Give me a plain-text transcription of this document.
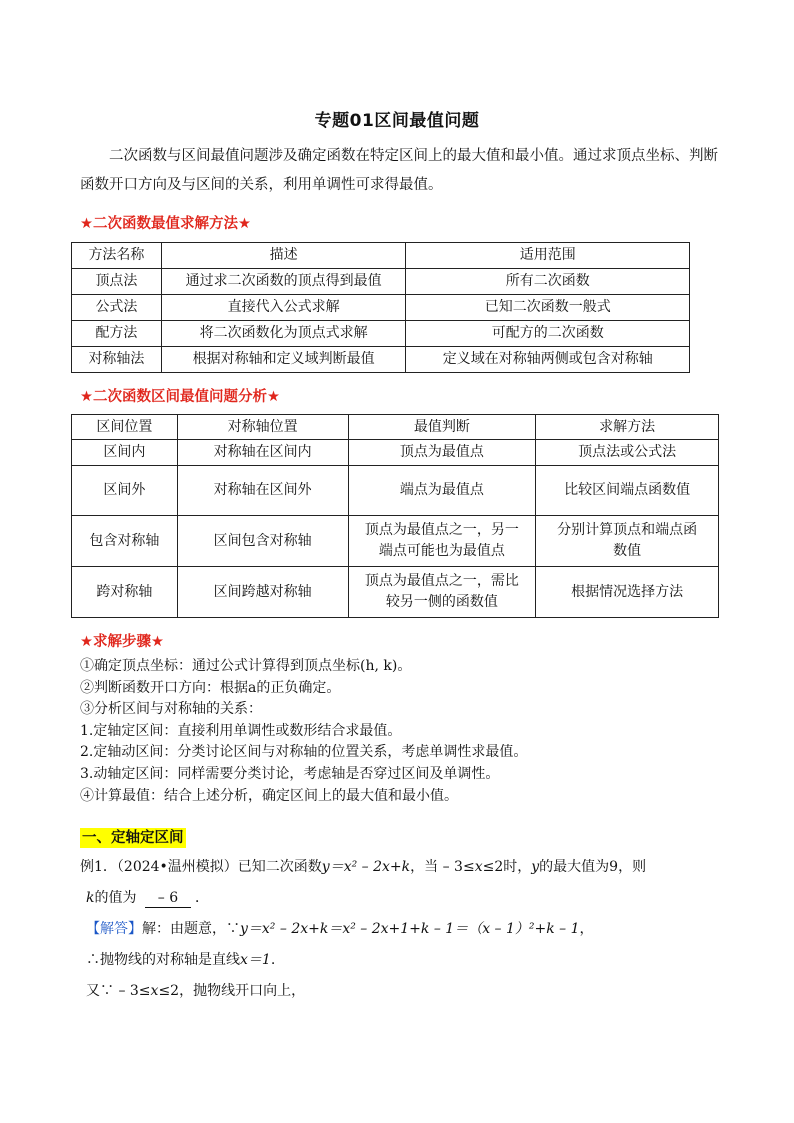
专题01区间最值问题
二次函数与区间最值问题涉及确定函数在特定区间上的最大值和最小值。通过求顶点坐标、判断函数开口方向及与区间的关系，利用单调性可求得最值。
★二次函数最值求解方法★
方法名称	描述	适用范围
顶点法	通过求二次函数的顶点得到最值	所有二次函数
公式法	直接代入公式求解	已知二次函数一般式
配方法	将二次函数化为顶点式求解	可配方的二次函数
对称轴法	根据对称轴和定义域判断最值	定义域在对称轴两侧或包含对称轴
★二次函数区间最值问题分析★
区间位置	对称轴位置	最值判断	求解方法
区间内	对称轴在区间内	顶点为最值点	顶点法或公式法
区间外	对称轴在区间外	端点为最值点	比较区间端点函数值
包含对称轴	区间包含对称轴	顶点为最值点之一，另一端点可能也为最值点	分别计算顶点和端点函数值
跨对称轴	区间跨越对称轴	顶点为最值点之一，需比较另一侧的函数值	根据情况选择方法
★求解步骤★
①确定顶点坐标：通过公式计算得到顶点坐标(h, k)。
②判断函数开口方向：根据a的正负确定。
③分析区间与对称轴的关系：
1.定轴定区间：直接利用单调性或数形结合求最值。
2.定轴动区间：分类讨论区间与对称轴的位置关系，考虑单调性求最值。
3.动轴定区间：同样需要分类讨论，考虑轴是否穿过区间及单调性。
④计算最值：结合上述分析，确定区间上的最大值和最小值。
一、定轴定区间
例1．（2024•温州模拟）已知二次函数y＝x² – 2x+k，当 – 3≤x≤2时，y的最大值为9，则
k的值为 – 6 ．
【解答】解：由题意，∵y＝x² – 2x+k＝x² – 2x+1+k – 1＝（x – 1）²+k – 1，
∴抛物线的对称轴是直线x＝1.
又∵ – 3≤x≤2，抛物线开口向上，
